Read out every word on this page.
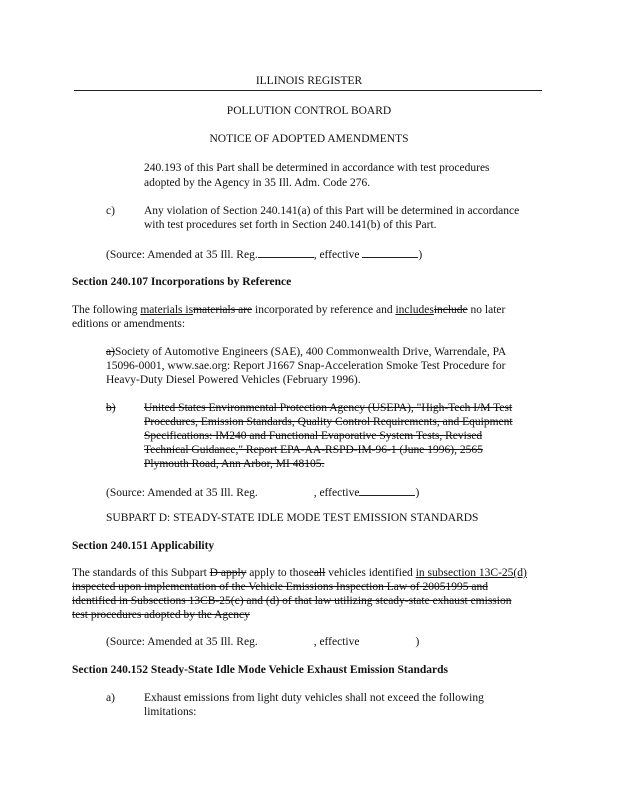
ILLINOIS REGISTER
POLLUTION CONTROL BOARD
NOTICE OF ADOPTED AMENDMENTS
240.193 of this Part shall be determined in accordance with test procedures
adopted by the Agency in 35 Ill. Adm. Code 276.
c)	Any violation of Section 240.141(a) of this Part will be determined in accordance
with test procedures set forth in Section 240.141(b) of this Part.
(Source: Amended at 35 Ill. Reg.	, effective	)
Section 240.107 Incorporations by Reference
The following materials ismaterials are incorporated by reference and includesinclude no later
editions or amendments:
a)Society of Automotive Engineers (SAE), 400 Commonwealth Drive, Warrendale, PA
15096-0001, www.sae.org: Report J1667 Snap-Acceleration Smoke Test Procedure for
Heavy-Duty Diesel Powered Vehicles (February 1996).
b) United States Environmental Protection Agency (USEPA), "High-Tech I/M Test
Procedures, Emission Standards, Quality Control Requirements, and Equipment
Specifications: IM240 and Functional Evaporative System Tests, Revised
Technical Guidance," Report EPA-AA-RSPD-IM-96-1 (June 1996), 2565
Plymouth Road, Ann Arbor, MI 48105.
(Source: Amended at 35 Ill. Reg.	, effective	)
SUBPART D: STEADY-STATE IDLE MODE TEST EMISSION STANDARDS
Section 240.151 Applicability
The standards of this Subpart D apply apply to thoseall vehicles identified in subsection 13C-25(d)
inspected upon implementation of the Vehicle Emissions Inspection Law of 20051995 and
identified in Subsections 13CB-25(c) and (d) of that law utilizing steady-state exhaust emission
test procedures adopted by the Agency
(Source: Amended at 35 Ill. Reg.	, effective	)
Section 240.152 Steady-State Idle Mode Vehicle Exhaust Emission Standards
a)	Exhaust emissions from light duty vehicles shall not exceed the following
limitations:
